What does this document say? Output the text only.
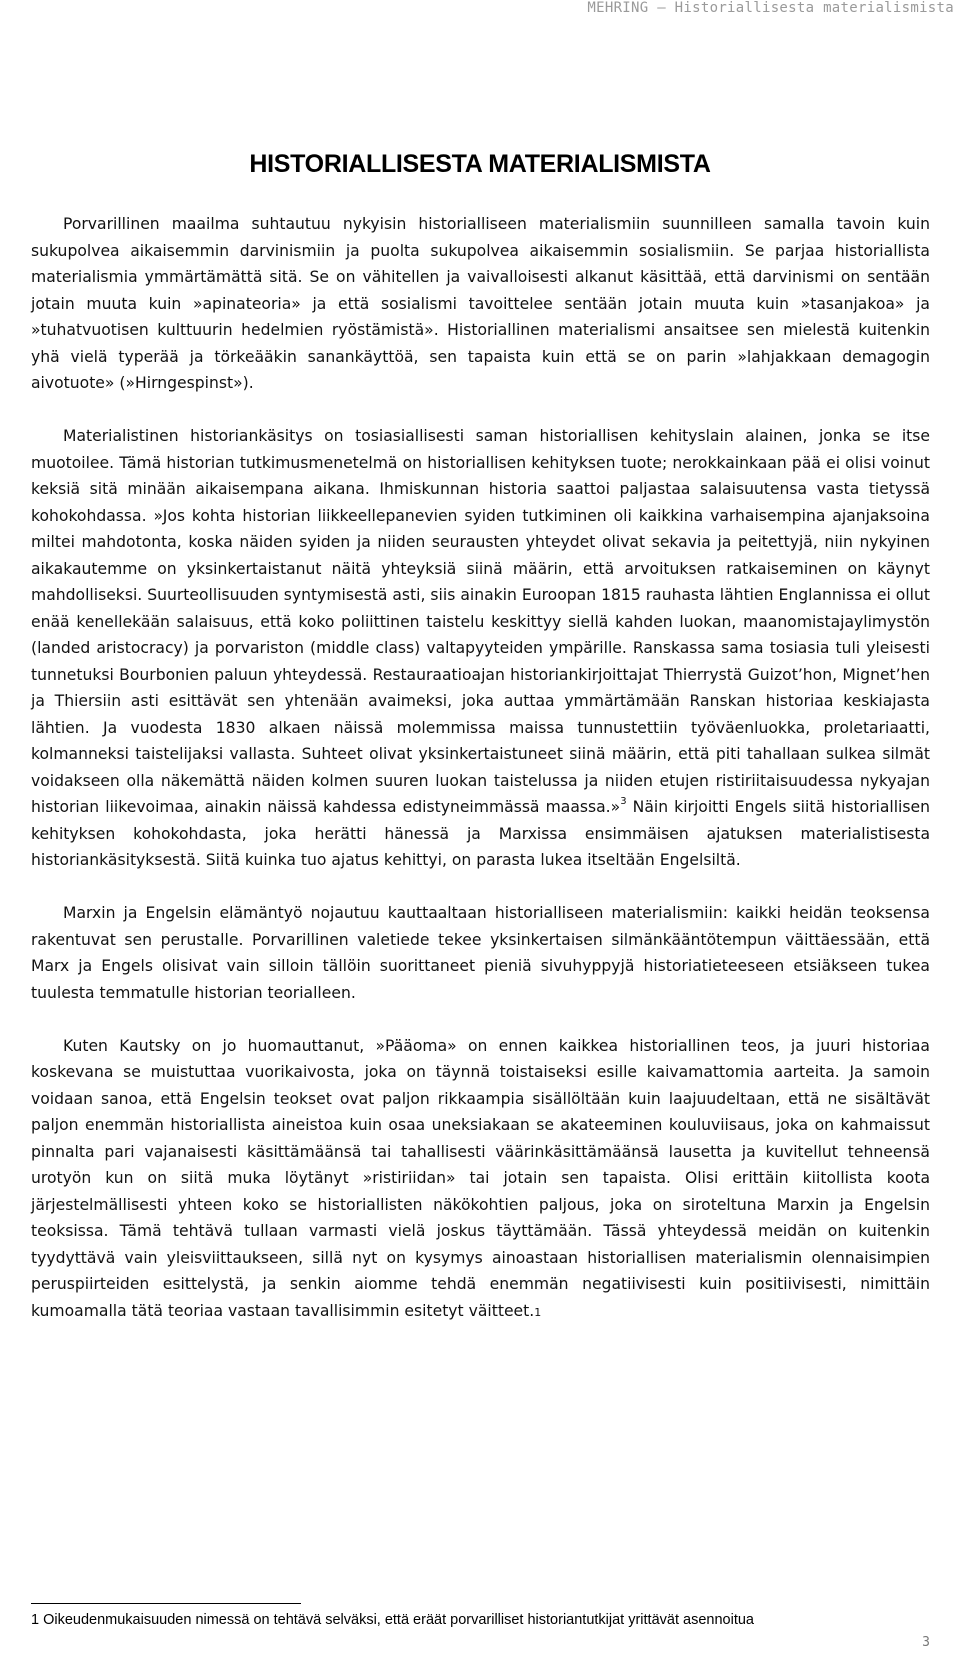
MEHRING – Historiallisesta materialismista
HISTORIALLISESTA MATERIALISMISTA

Porvarillinen maailma suhtautuu nykyisin historialliseen materialismiin suunnilleen samalla tavoin kuin sukupolvea aikaisemmin darvinismiin ja puolta sukupolvea aikaisemmin sosialismiin. Se parjaa historiallista materialismia ymmärtämättä sitä. Se on vähitellen ja vaivalloisesti alkanut käsittää, että darvinismi on sentään jotain muuta kuin »apinateoria» ja että sosialismi tavoittelee sentään jotain muuta kuin »tasanjakoa» ja »tuhatvuotisen kulttuurin hedelmien ryöstämistä». Historiallinen materialismi ansaitsee sen mielestä kuitenkin yhä vielä typerää ja törkeääkin sanankäyttöä, sen tapaista kuin että se on parin »lahjakkaan demagogin aivotuote» (»Hirngespinst»).

Materialistinen historiankäsitys on tosiasiallisesti saman historiallisen kehityslain alainen, jonka se itse muotoilee. Tämä historian tutkimusmenetelmä on historiallisen kehityksen tuote; nerokkainkaan pää ei olisi voinut keksiä sitä minään aikaisempana aikana. Ihmiskunnan historia saattoi paljastaa salaisuutensa vasta tietyssä kohokohdassa. »Jos kohta historian liikkeellepanevien syiden tutkiminen oli kaikkina varhaisempina ajanjaksoina miltei mahdotonta, koska näiden syiden ja niiden seurausten yhteydet olivat sekavia ja peitettyjä, niin nykyinen aikakautemme on yksinkertaistanut näitä yhteyksiä siinä määrin, että arvoituksen ratkaiseminen on käynyt mahdolliseksi. Suurteollisuuden syntymisestä asti, siis ainakin Euroopan 1815 rauhasta lähtien Englannissa ei ollut enää kenellekään salaisuus, että koko poliittinen taistelu keskittyy siellä kahden luokan, maanomistajaylimystön (landed aristocracy) ja porvariston (middle class) valtapyyteiden ympärille. Ranskassa sama tosiasia tuli yleisesti tunnetuksi Bourbonien paluun yhteydessä. Restauraatioajan historiankirjoittajat Thierrystä Guizot’hon, Mignet’hen ja Thiersiin asti esittävät sen yhtenään avaimeksi, joka auttaa ymmärtämään Ranskan historiaa keskiajasta lähtien. Ja vuodesta 1830 alkaen näissä molemmissa maissa tunnustettiin työväenluokka, proletariaatti, kolmanneksi taistelijaksi vallasta. Suhteet olivat yksinkertaistuneet siinä määrin, että piti tahallaan sulkea silmät voidakseen olla näkemättä näiden kolmen suuren luokan taistelussa ja niiden etujen ristiriitaisuudessa nykyajan historian liikevoimaa, ainakin näissä kahdessa edistyneimmässä maassa.»$^3$ Näin kirjoitti Engels siitä historiallisen kehityksen kohokohdasta, joka herätti hänessä ja Marxissa ensimmäisen ajatuksen materialistisesta historiankäsityksestä. Siitä kuinka tuo ajatus kehittyi, on parasta lukea itseltään Engelsiltä.

Marxin ja Engelsin elämäntyö nojautuu kauttaaltaan historialliseen materialismiin: kaikki heidän teoksensa rakentuvat sen perustalle. Porvarillinen valetiede tekee yksinkertaisen silmänkääntötempun väittäessään, että Marx ja Engels olisivat vain silloin tällöin suorittaneet pieniä sivuhyppyjä historiatieteeseen etsiäkseen tukea tuulesta temmatulle historian teorialleen.

Kuten Kautsky on jo huomauttanut, »Pääoma» on ennen kaikkea historiallinen teos, ja juuri historiaa koskevana se muistuttaa vuorikaivosta, joka on täynnä toistaiseksi esille kaivamattomia aarteita. Ja samoin voidaan sanoa, että Engelsin teokset ovat paljon rikkaampia sisällöltään kuin laajuudeltaan, että ne sisältävät paljon enemmän historiallista aineistoa kuin osaa uneksiakaan se akateeminen kouluviisaus, joka on kahmaissut pinnalta pari vajanaisesti käsittämäänsä tai tahallisesti väärinkäsittämäänsä lausetta ja kuvitellut tehneensä urotyön kun on siitä muka löytänyt »ristiriidan» tai jotain sen tapaista. Olisi erittäin kiitollista koota järjestelmällisesti yhteen koko se historiallisten näkökohtien paljous, joka on siroteltuna Marxin ja Engelsin teoksissa. Tämä tehtävä tullaan varmasti vielä joskus täyttämään. Tässä yhteydessä meidän on kuitenkin tyydyttävä vain yleisviittaukseen, sillä nyt on kysymys ainoastaan historiallisen materialismin olennaisimpien peruspiirteiden esittelystä, ja senkin aiomme tehdä enemmän negatiivisesti kuin positiivisesti, nimittäin kumoamalla tätä teoriaa vastaan tavallisimmin esitetyt väitteet.1

1 Oikeudenmukaisuuden nimessä on tehtävä selväksi, että eräät porvarilliset historiantutkijat yrittävät asennoitua
3
